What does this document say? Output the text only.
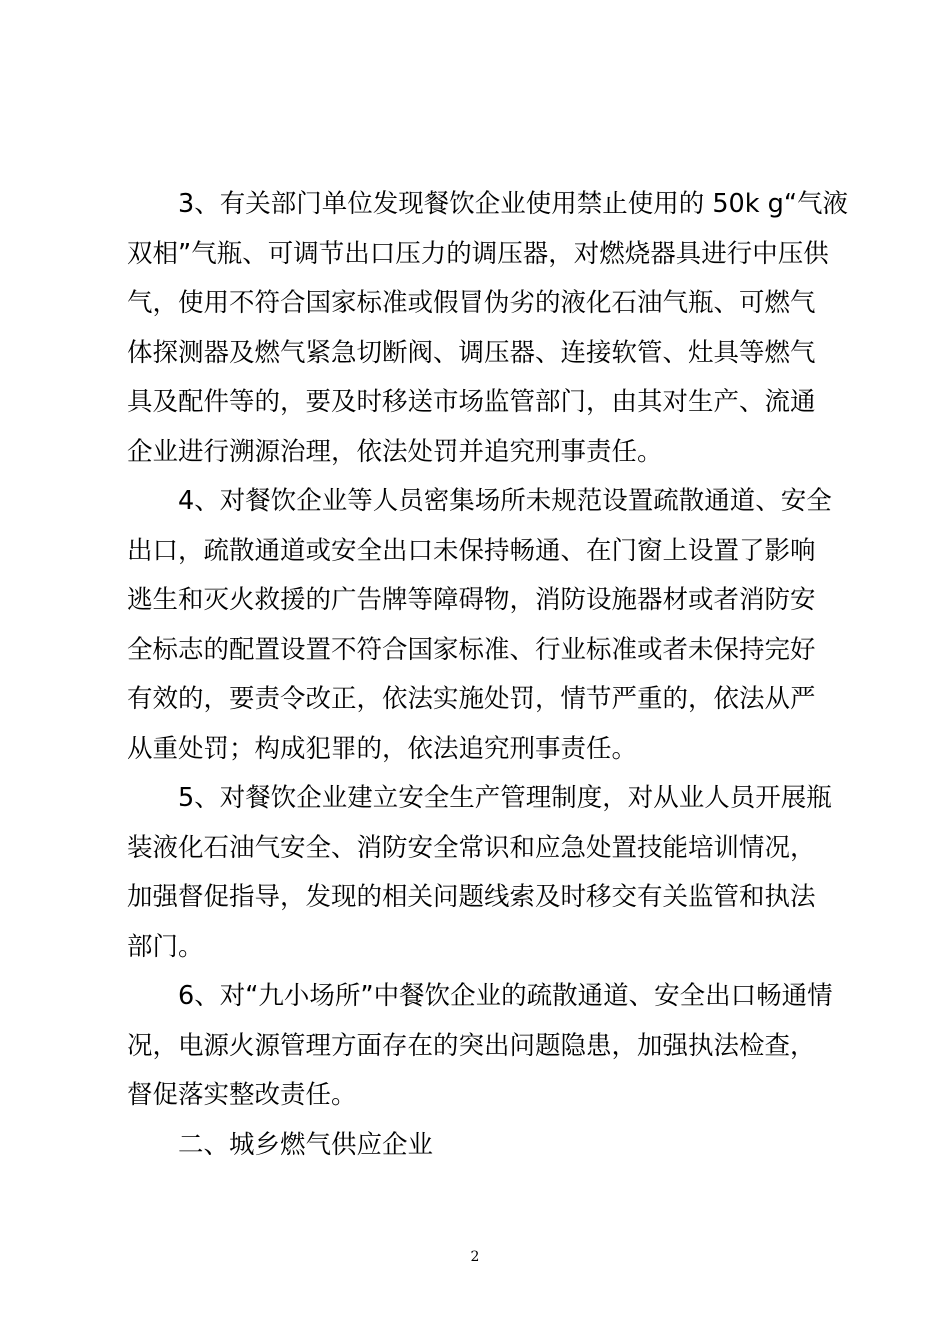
3、有关部门单位发现餐饮企业使用禁止使用的 50k g“气液
双相”气瓶、可调节出口压力的调压器，对燃烧器具进行中压供
气，使用不符合国家标准或假冒伪劣的液化石油气瓶、可燃气
体探测器及燃气紧急切断阀、调压器、连接软管、灶具等燃气
具及配件等的，要及时移送市场监管部门，由其对生产、流通
企业进行溯源治理，依法处罚并追究刑事责任。

4、对餐饮企业等人员密集场所未规范设置疏散通道、安全
出口，疏散通道或安全出口未保持畅通、在门窗上设置了影响
逃生和灭火救援的广告牌等障碍物，消防设施器材或者消防安
全标志的配置设置不符合国家标准、行业标准或者未保持完好
有效的，要责令改正，依法实施处罚，情节严重的，依法从严
从重处罚；构成犯罪的，依法追究刑事责任。

5、对餐饮企业建立安全生产管理制度，对从业人员开展瓶
装液化石油气安全、消防安全常识和应急处置技能培训情况，
加强督促指导，发现的相关问题线索及时移交有关监管和执法
部门。

6、对“九小场所”中餐饮企业的疏散通道、安全出口畅通情
况，电源火源管理方面存在的突出问题隐患，加强执法检查，
督促落实整改责任。

二、城乡燃气供应企业

2
